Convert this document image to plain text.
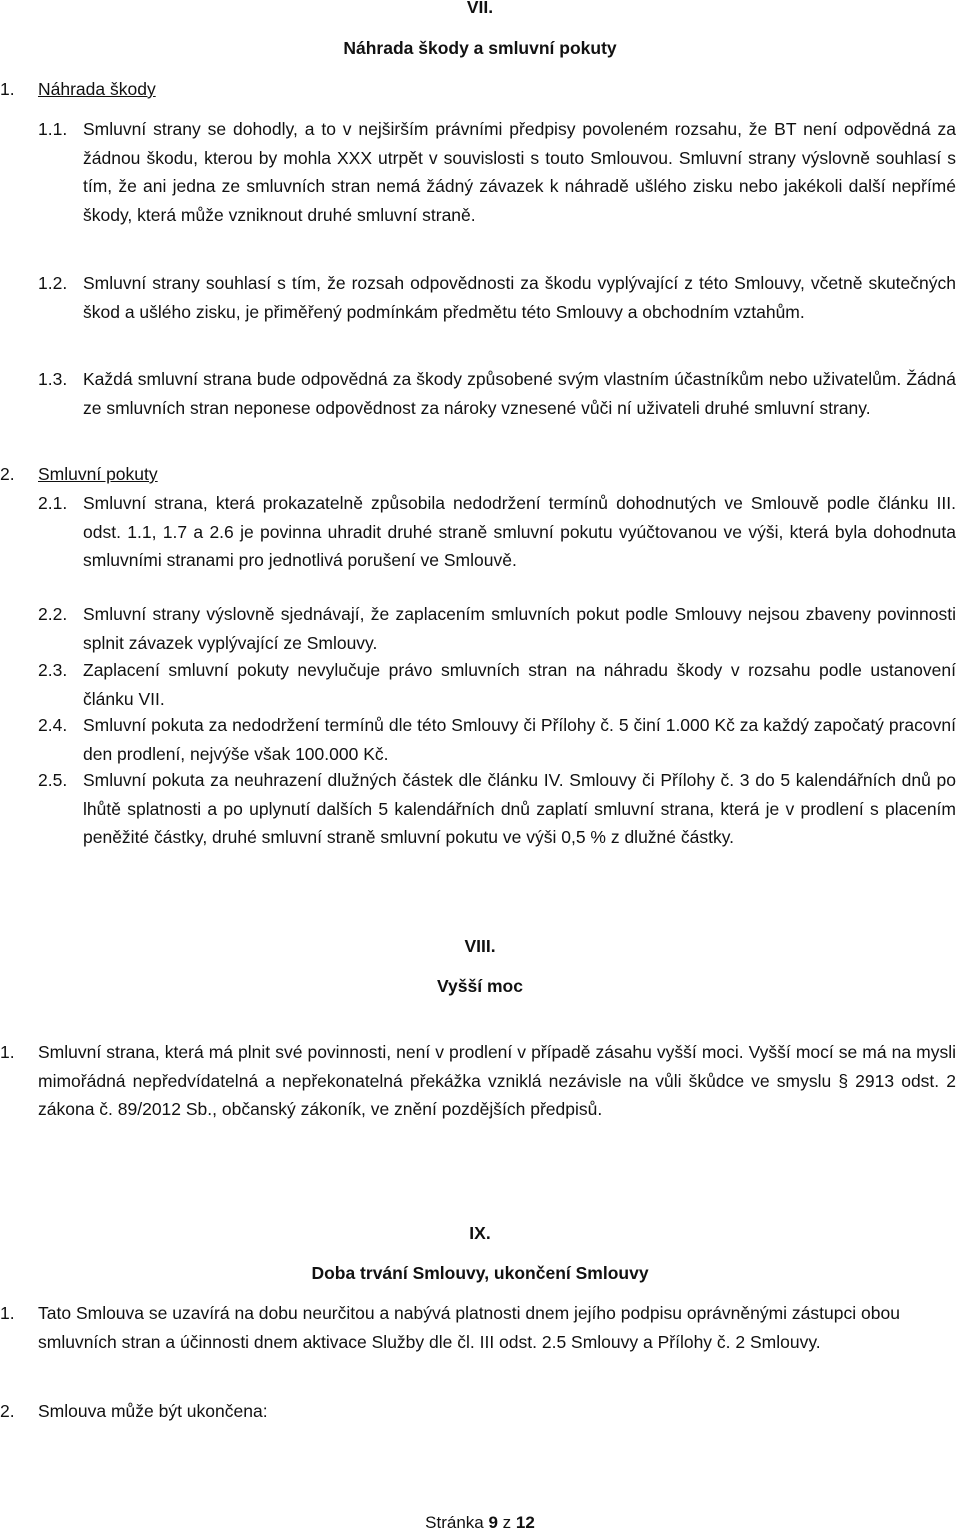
VII.
Náhrada škody a smluvní pokuty
1. Náhrada škody
1.1. Smluvní strany se dohodly, a to v nejširším právními předpisy povoleném rozsahu, že BT není odpovědná za žádnou škodu, kterou by mohla XXX utrpět v souvislosti s touto Smlouvou. Smluvní strany výslovně souhlasí s tím, že ani jedna ze smluvních stran nemá žádný závazek k náhradě ušlého zisku nebo jakékoli další nepřímé škody, která může vzniknout druhé smluvní straně.

1.2. Smluvní strany souhlasí s tím, že rozsah odpovědnosti za škodu vyplývající z této Smlouvy, včetně skutečných škod a ušlého zisku, je přiměřený podmínkám předmětu této Smlouvy a obchodním vztahům.

1.3. Každá smluvní strana bude odpovědná za škody způsobené svým vlastním účastníkům nebo uživatelům. Žádná ze smluvních stran neponese odpovědnost za nároky vznesené vůči ní uživateli druhé smluvní strany.

2. Smluvní pokuty
2.1. Smluvní strana, která prokazatelně způsobila nedodržení termínů dohodnutých ve Smlouvě podle článku III. odst. 1.1, 1.7 a 2.6 je povinna uhradit druhé straně smluvní pokutu vyúčtovanou ve výši, která byla dohodnuta smluvními stranami pro jednotlivá porušení ve Smlouvě.

2.2. Smluvní strany výslovně sjednávají, že zaplacením smluvních pokut podle Smlouvy nejsou zbaveny povinnosti splnit závazek vyplývající ze Smlouvy.

2.3. Zaplacení smluvní pokuty nevylučuje právo smluvních stran na náhradu škody v rozsahu podle ustanovení článku VII.

2.4. Smluvní pokuta za nedodržení termínů dle této Smlouvy či Přílohy č. 5 činí 1.000 Kč za každý započatý pracovní den prodlení, nejvýše však 100.000 Kč.

2.5. Smluvní pokuta za neuhrazení dlužných částek dle článku IV. Smlouvy či Přílohy č. 3 do 5 kalendářních dnů po lhůtě splatnosti a po uplynutí dalších 5 kalendářních dnů zaplatí smluvní strana, která je v prodlení s placením peněžité částky, druhé smluvní straně smluvní pokutu ve výši 0,5 % z dlužné částky.

VIII.
Vyšší moc
1. Smluvní strana, která má plnit své povinnosti, není v prodlení v případě zásahu vyšší moci. Vyšší mocí se má na mysli mimořádná nepředvídatelná a nepřekonatelná překážka vzniklá nezávisle na vůli škůdce ve smyslu § 2913 odst. 2 zákona č. 89/2012 Sb., občanský zákoník, ve znění pozdějších předpisů.
IX.
Doba trvání Smlouvy, ukončení Smlouvy
1. Tato Smlouva se uzavírá na dobu neurčitou a nabývá platnosti dnem jejího podpisu oprávněnými zástupci obou smluvních stran a účinnosti dnem aktivace Služby dle čl. III odst. 2.5 Smlouvy a Přílohy č. 2 Smlouvy.
2. Smlouva může být ukončena:
Stránka 9 z 12
